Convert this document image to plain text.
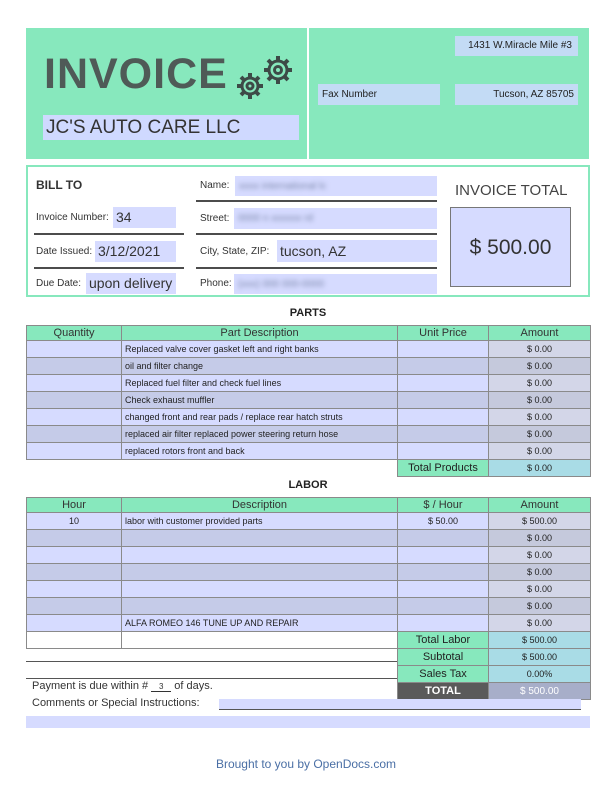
INVOICE
JC'S AUTO CARE LLC
1431 W.Miracle Mile #3
Fax Number	Tucson, AZ 85705
BILL TO
Invoice Number: 34
Date Issued: 3/12/2021
Due Date: upon delivery
Name: xxxx international lc
Street: 0000 n xxxxxx rd
City, State, ZIP: tucson, AZ
Phone: (xxx) 000 000-0000
INVOICE TOTAL
$ 500.00
PARTS
Quantity	Part Description	Unit Price	Amount
	Replaced valve cover gasket left and right banks		$ 0.00
	oil and filter change		$ 0.00
	Replaced fuel filter and check fuel lines		$ 0.00
	Check exhaust muffler		$ 0.00
	changed front and rear pads / replace rear hatch struts		$ 0.00
	replaced air filter replaced power steering return hose		$ 0.00
	replaced rotors front and back		$ 0.00
		Total Products	$ 0.00
LABOR
Hour	Description	$ / Hour	Amount
10	labor with customer provided parts	$ 50.00	$ 500.00
			$ 0.00
			$ 0.00
			$ 0.00
			$ 0.00
			$ 0.00
	ALFA ROMEO 146 TUNE UP AND REPAIR		$ 0.00
		Total Labor	$ 500.00
		Subtotal	$ 500.00
		Sales Tax	0.00%
		TOTAL	$ 500.00
Payment is due within # 3 of days.
Comments or Special Instructions:
Brought to you by OpenDocs.com
